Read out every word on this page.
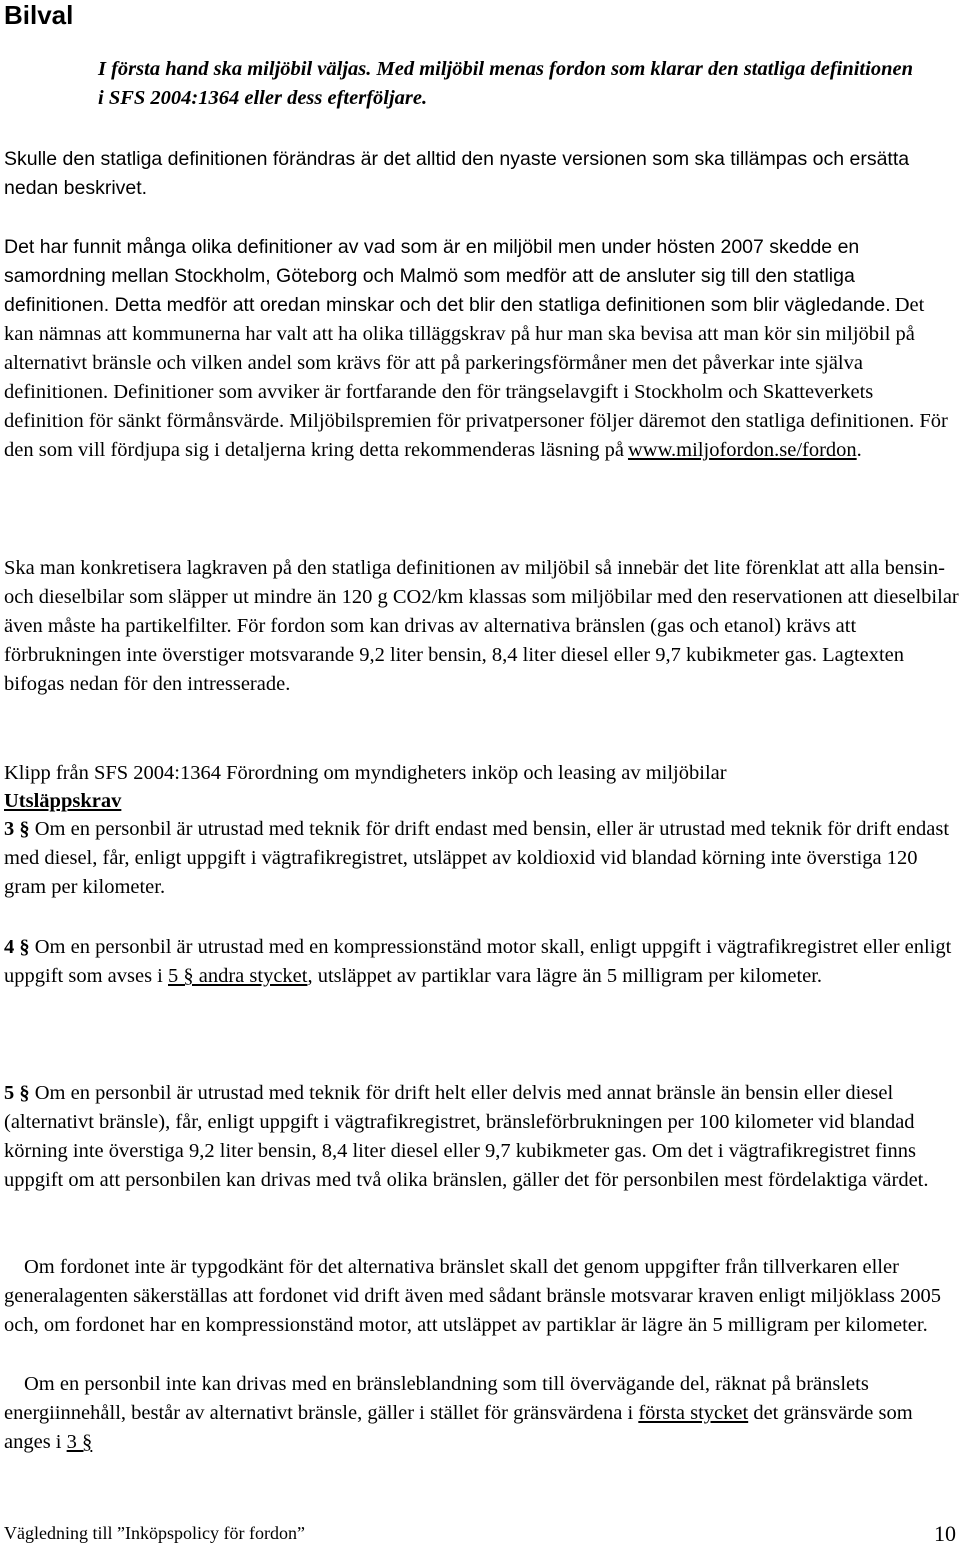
Bilval

I första hand ska miljöbil väljas. Med miljöbil menas fordon som klarar den statliga definitionen i SFS 2004:1364 eller dess efterföljare.

Skulle den statliga definitionen förändras är det alltid den nyaste versionen som ska tillämpas och ersätta nedan beskrivet.

Det har funnit många olika definitioner av vad som är en miljöbil men under hösten 2007 skedde en samordning mellan Stockholm, Göteborg och Malmö som medför att de ansluter sig till den statliga definitionen. Detta medför att oredan minskar och det blir den statliga definitionen som blir vägledande. Det kan nämnas att kommunerna har valt att ha olika tilläggskrav på hur man ska bevisa att man kör sin miljöbil på alternativt bränsle och vilken andel som krävs för att på parkeringsförmåner men det påverkar inte själva definitionen. Definitioner som avviker är fortfarande den för trängselavgift i Stockholm och Skatteverkets definition för sänkt förmånsvärde. Miljöbilspremien för privatpersoner följer däremot den statliga definitionen. För den som vill fördjupa sig i detaljerna kring detta rekommenderas läsning på www.miljofordon.se/fordon.

Ska man konkretisera lagkraven på den statliga definitionen av miljöbil så innebär det lite förenklat att alla bensin- och dieselbilar som släpper ut mindre än 120 g CO2/km klassas som miljöbilar med den reservationen att dieselbilar även måste ha partikelfilter. För fordon som kan drivas av alternativa bränslen (gas och etanol) krävs att förbrukningen inte överstiger motsvarande 9,2 liter bensin, 8,4 liter diesel eller 9,7 kubikmeter gas. Lagtexten bifogas nedan för den intresserade.

Klipp från SFS 2004:1364 Förordning om myndigheters inköp och leasing av miljöbilar

Utsläppskrav

3 § Om en personbil är utrustad med teknik för drift endast med bensin, eller är utrustad med teknik för drift endast med diesel, får, enligt uppgift i vägtrafikregistret, utsläppet av koldioxid vid blandad körning inte överstiga 120 gram per kilometer.

4 § Om en personbil är utrustad med en kompressionständ motor skall, enligt uppgift i vägtrafikregistret eller enligt uppgift som avses i 5 § andra stycket, utsläppet av partiklar vara lägre än 5 milligram per kilometer.

5 § Om en personbil är utrustad med teknik för drift helt eller delvis med annat bränsle än bensin eller diesel (alternativt bränsle), får, enligt uppgift i vägtrafikregistret, bränsleförbrukningen per 100 kilometer vid blandad körning inte överstiga 9,2 liter bensin, 8,4 liter diesel eller 9,7 kubikmeter gas. Om det i vägtrafikregistret finns uppgift om att personbilen kan drivas med två olika bränslen, gäller det för personbilen mest fördelaktiga värdet.

Om fordonet inte är typgodkänt för det alternativa bränslet skall det genom uppgifter från tillverkaren eller generalagenten säkerställas att fordonet vid drift även med sådant bränsle motsvarar kraven enligt miljöklass 2005 och, om fordonet har en kompressionständ motor, att utsläppet av partiklar är lägre än 5 milligram per kilometer.

Om en personbil inte kan drivas med en bränsleblandning som till övervägande del, räknat på bränslets energiinnehåll, består av alternativt bränsle, gäller i stället för gränsvärdena i första stycket det gränsvärde som anges i 3 §

Vägledning till ”Inköpspolicy för fordon”	10
